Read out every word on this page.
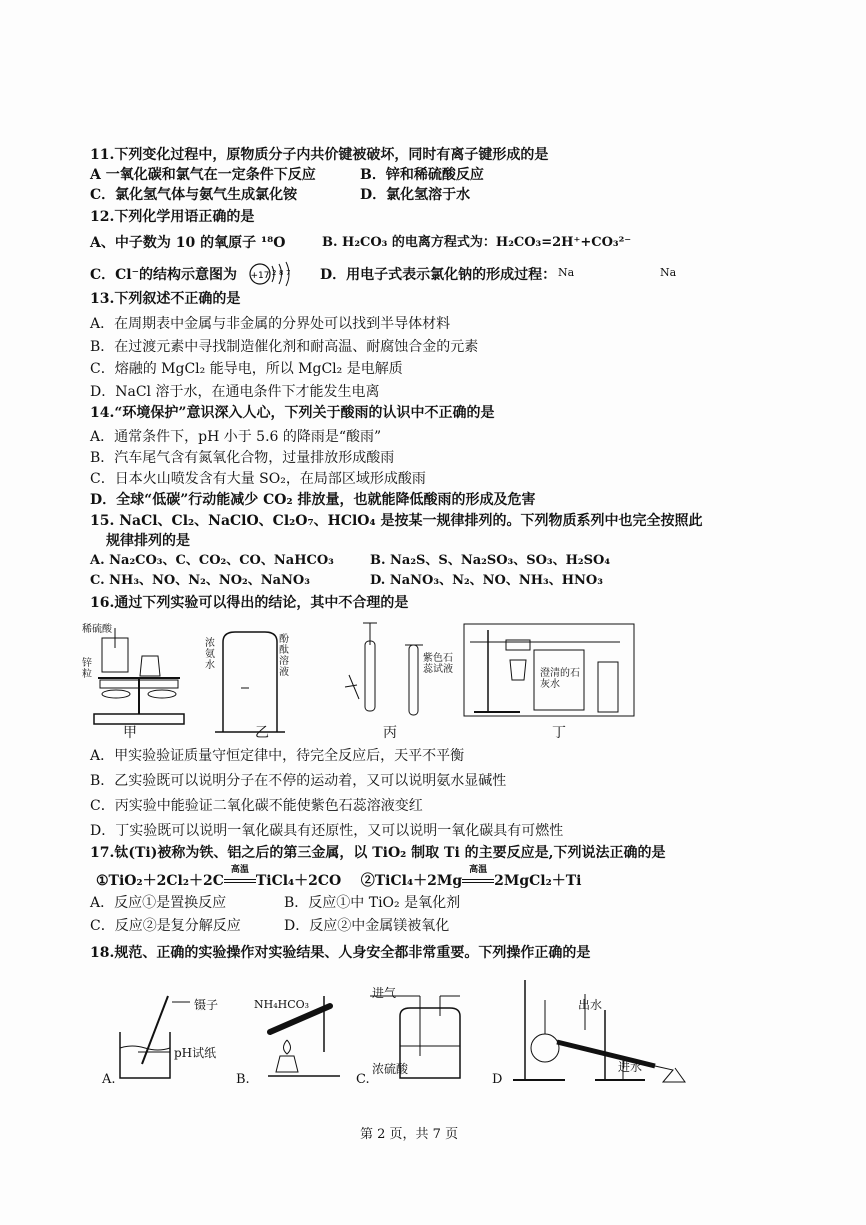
11.下列变化过程中，原物质分子内共价键被破坏，同时有离子键形成的是
A 一氧化碳和氯气在一定条件下反应	B．锌和稀硫酸反应
C．氯化氢气体与氨气生成氯化铵	D．氯化氢溶于水
12.下列化学用语正确的是
A、中子数为 10 的氧原子 ¹⁸O	B. H₂CO₃ 的电离方程式为：H₂CO₃=2H⁺+CO₃²⁻
C．Cl⁻的结构示意图为 +17 2 8 7 D．用电子式表示氯化钠的形成过程： Na	Na
13.下列叙述不正确的是
A．在周期表中金属与非金属的分界处可以找到半导体材料
B．在过渡元素中寻找制造催化剂和耐高温、耐腐蚀合金的元素
C．熔融的 MgCl₂ 能导电，所以 MgCl₂ 是电解质
D．NaCl 溶于水，在通电条件下才能发生电离
14.“环境保护”意识深入人心，下列关于酸雨的认识中不正确的是
A．通常条件下，pH 小于 5.6 的降雨是“酸雨”
B．汽车尾气含有氮氧化合物，过量排放形成酸雨
C．日本火山喷发含有大量 SO₂，在局部区域形成酸雨
D．全球“低碳”行动能减少 CO₂ 排放量，也就能降低酸雨的形成及危害
15. NaCl、Cl₂、NaClO、Cl₂O₇、HClO₄ 是按某一规律排列的。下列物质系列中也完全按照此
规律排列的是
A. Na₂CO₃、C、CO₂、CO、NaHCO₃	B. Na₂S、S、Na₂SO₃、SO₃、H₂SO₄
C. NH₃、NO、N₂、NO₂、NaNO₃	D. NaNO₃、N₂、NO、NH₃、HNO₃
16.通过下列实验可以得出的结论，其中不合理的是
稀硫酸
锌粒
甲
浓氨水
酚酞溶液
乙
紫色石蕊试液
丙
澄清的石灰水
丁
A．甲实验验证质量守恒定律中，待完全反应后，天平不平衡
B．乙实验既可以说明分子在不停的运动着，又可以说明氨水显碱性
C．丙实验中能验证二氧化碳不能使紫色石蕊溶液变红
D．丁实验既可以说明一氧化碳具有还原性，又可以说明一氧化碳具有可燃性
17.钛(Ti)被称为铁、铝之后的第三金属，以 TiO₂ 制取 Ti 的主要反应是,下列说法正确的是
①TiO₂＋2Cl₂＋2C
高温
TiCl₄＋2CO ②TiCl₄＋2Mg
高温
2MgCl₂＋Ti
A．反应①是置换反应	B．反应①中 TiO₂ 是氧化剂
C．反应②是复分解反应	D．反应②中金属镁被氧化
18.规范、正确的实验操作对实验结果、人身安全都非常重要。下列操作正确的是
镊子
pH试纸
A.
NH₄HCO₃
B.
进气
浓硫酸
C.
出水
进水
D
第 2 页，共 7 页
